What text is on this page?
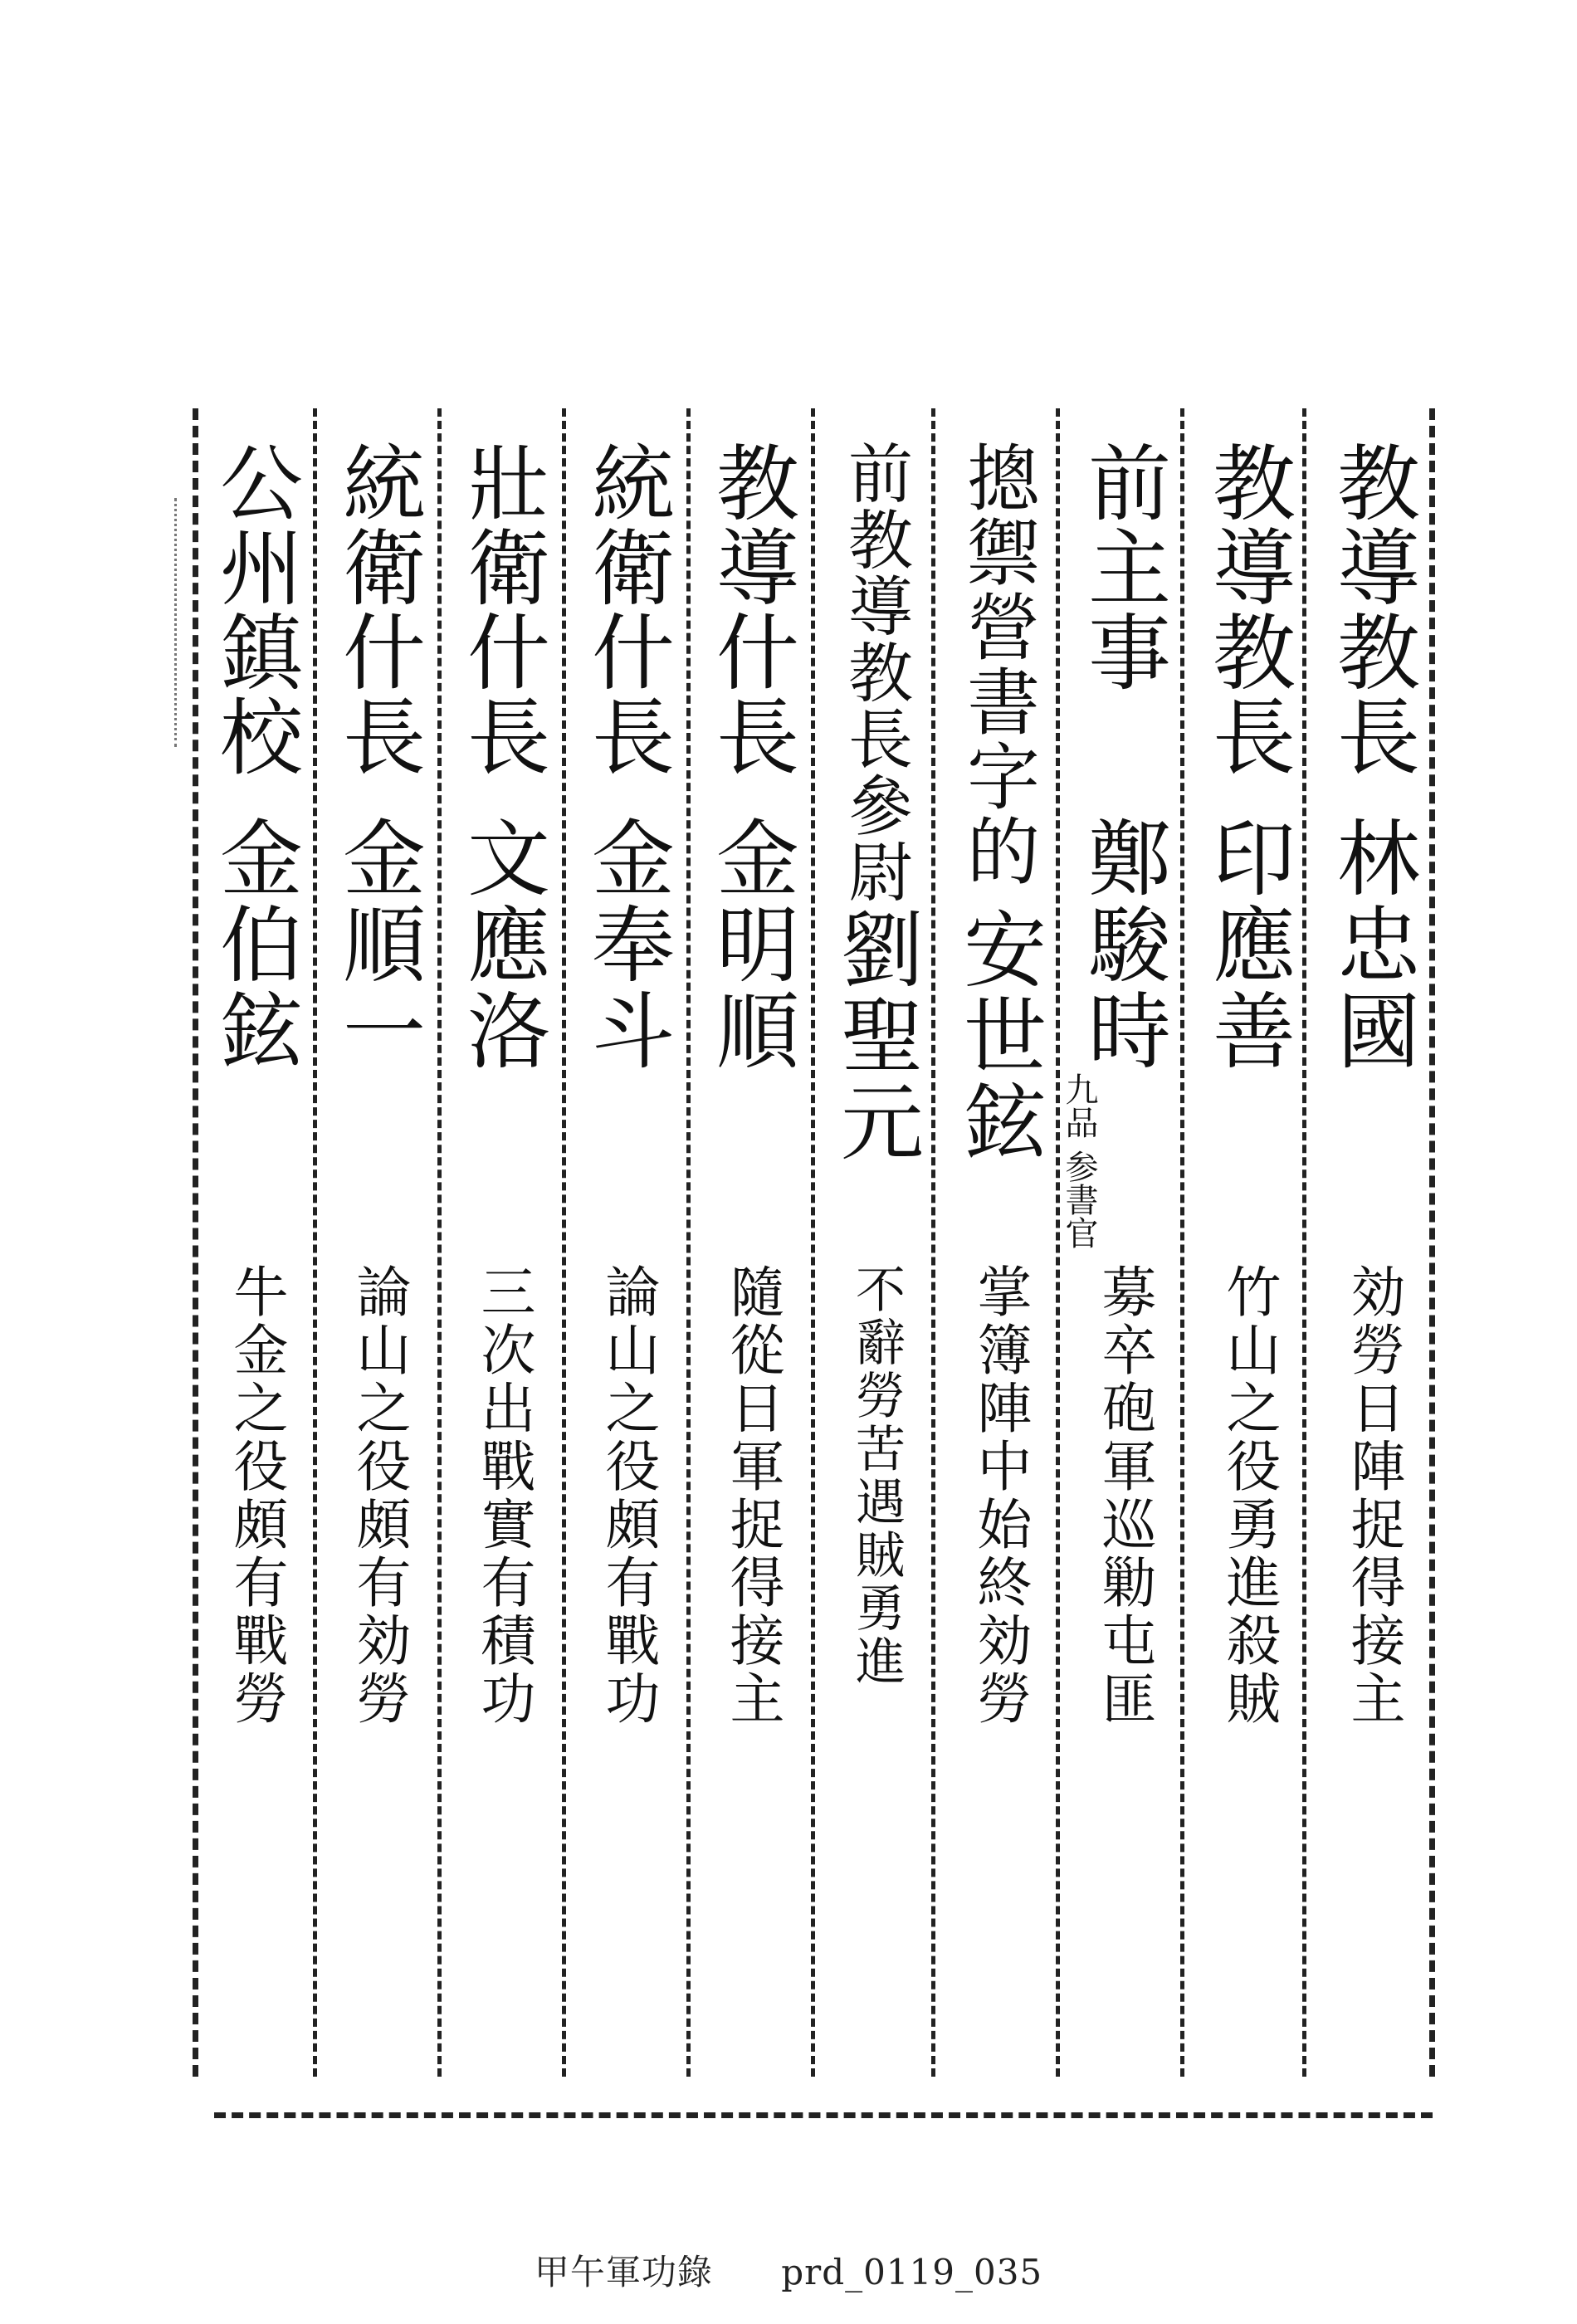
教導教長
林忠國
効勞日陣捉得接主
教導教長
印應善
竹山之役勇進殺賊
前主事
鄭駿時
九品 参書官
募卒砲軍巡勦屯匪
摠禦營書字的
安世鉉
掌簿陣中始終効勞
前教導教長參尉
劉聖元
不辭勞苦遇賊勇進
教導什長
金明順
隨從日軍捉得接主
統衛什長
金奉斗
論山之役頗有戰功
壯衛什長
文應洛
三次出戰實有積功
統衛什長
金順一
論山之役頗有効勞
公州鎮校
金伯鉉
牛金之役頗有戰勞
甲午軍功錄 prd_0119_035
